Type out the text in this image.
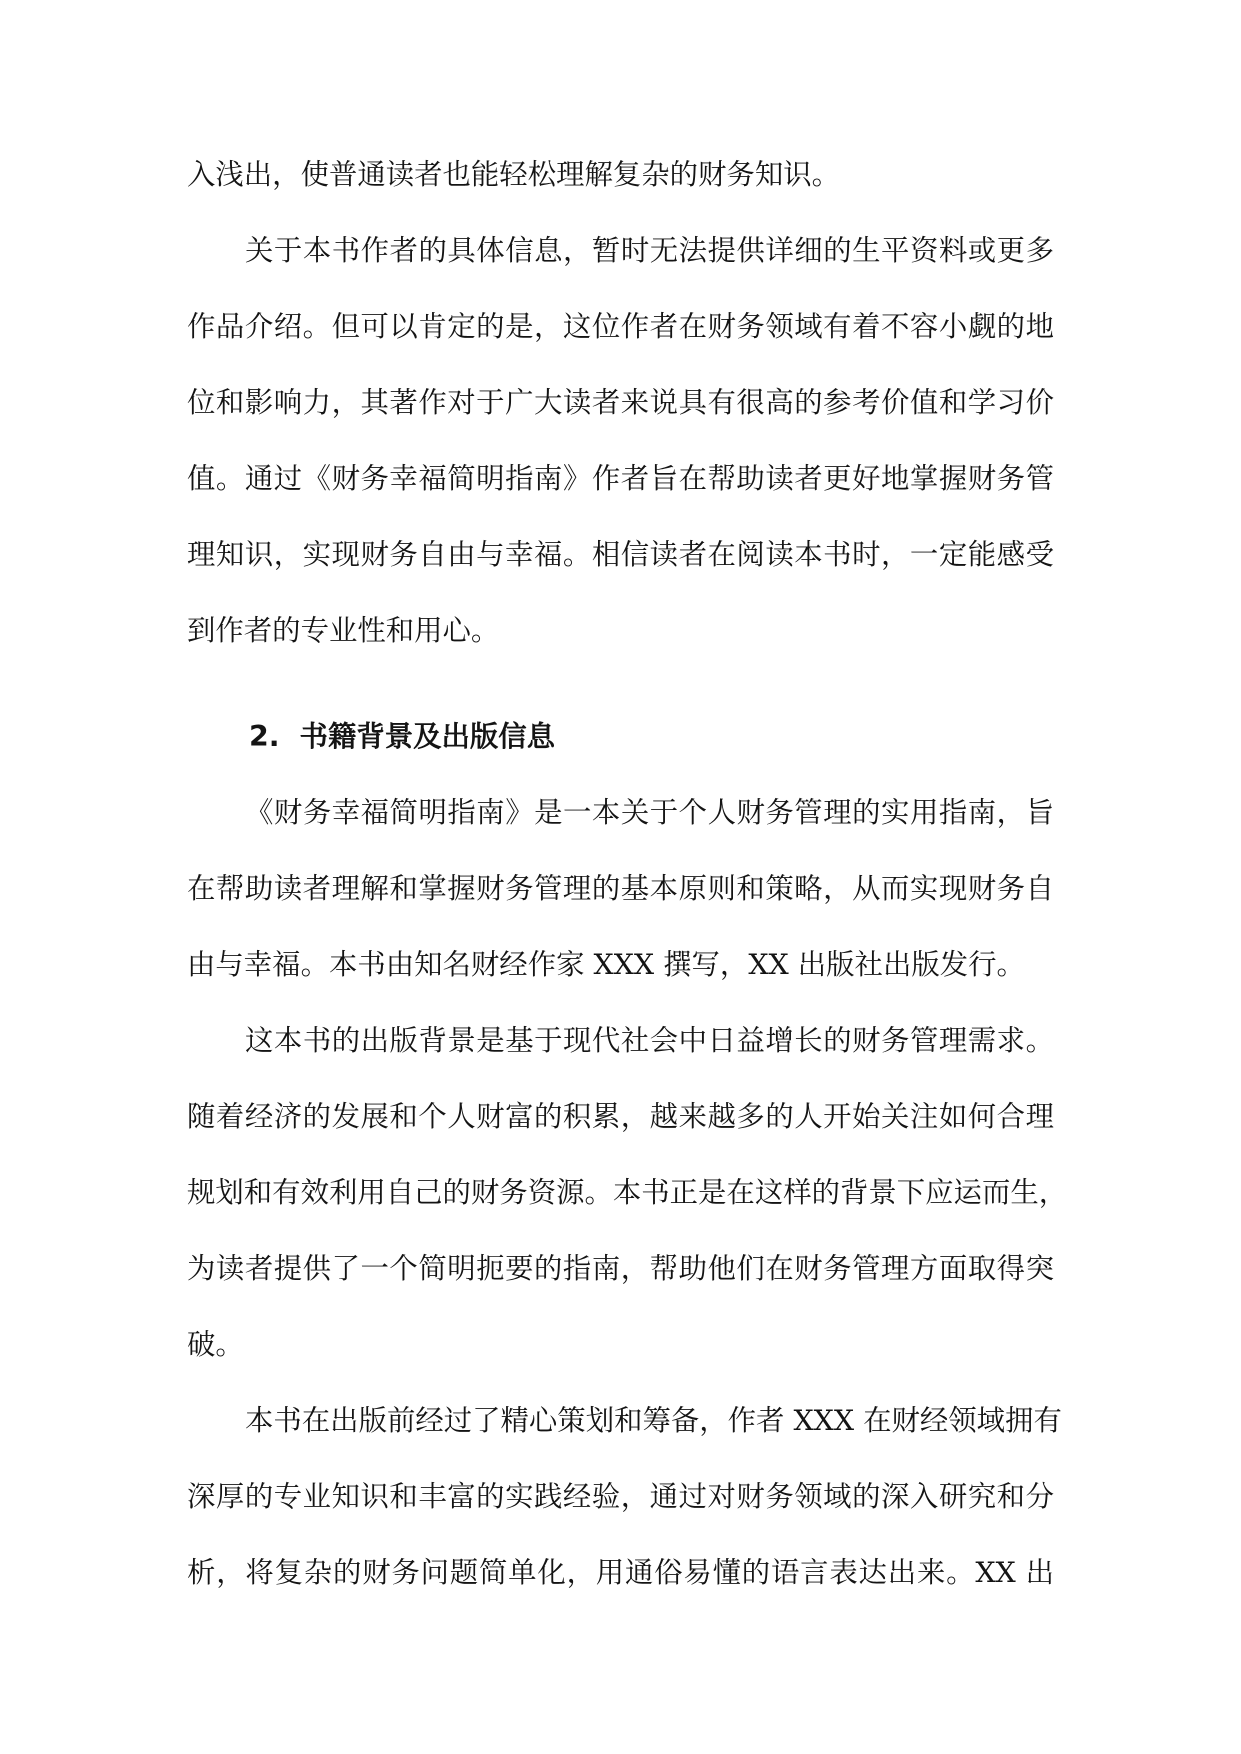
入浅出，使普通读者也能轻松理解复杂的财务知识。
关于本书作者的具体信息，暂时无法提供详细的生平资料或更多
作品介绍。但可以肯定的是，这位作者在财务领域有着不容小觑的地
位和影响力，其著作对于广大读者来说具有很高的参考价值和学习价
值。通过《财务幸福简明指南》作者旨在帮助读者更好地掌握财务管
理知识，实现财务自由与幸福。相信读者在阅读本书时，一定能感受
到作者的专业性和用心。
2. 书籍背景及出版信息
《财务幸福简明指南》是一本关于个人财务管理的实用指南，旨
在帮助读者理解和掌握财务管理的基本原则和策略，从而实现财务自
由与幸福。本书由知名财经作家 XXX 撰写，XX 出版社出版发行。
这本书的出版背景是基于现代社会中日益增长的财务管理需求。
随着经济的发展和个人财富的积累，越来越多的人开始关注如何合理
规划和有效利用自己的财务资源。本书正是在这样的背景下应运而生，
为读者提供了一个简明扼要的指南，帮助他们在财务管理方面取得突
破。
本书在出版前经过了精心策划和筹备，作者 XXX 在财经领域拥有
深厚的专业知识和丰富的实践经验，通过对财务领域的深入研究和分
析，将复杂的财务问题简单化，用通俗易懂的语言表达出来。XX 出
